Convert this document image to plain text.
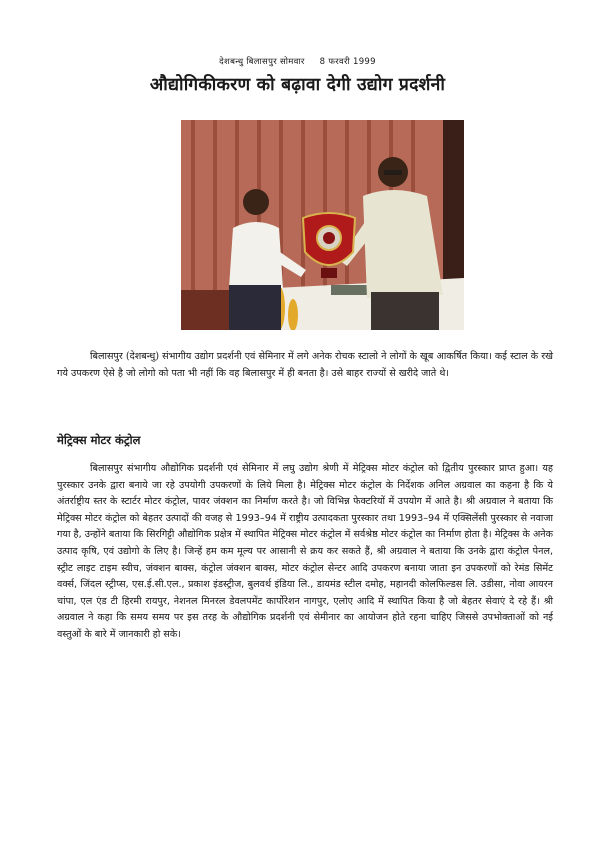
देशबन्धु बिलासपुर सोमवार 8 फरवरी 1999
औद्योगिकीकरण को बढ़ावा देगी उद्योग प्रदर्शनी

बिलासपुर (देशबन्धु) संभागीय उद्योग प्रदर्शनी एवं सेमिनार में लगे अनेक रोचक स्टालो ने लोगों के खूब आकर्षित किया। कई स्टाल के रखे गये उपकरण ऐसे है जो लोगो को पता भी नहीं कि वह बिलासपुर में ही बनता है। उसे बाहर राज्यों से खरीदे जाते थे।

मेट्रिक्स मोटर कंट्रोल

बिलासपुर संभागीय औद्योगिक प्रदर्शनी एवं सेमिनार में लघु उद्योग श्रेणी में मेट्रिक्स मोटर कंट्रोल को द्वितीय पुरस्कार प्राप्त हुआ। यह पुरस्कार उनके द्वारा बनाये जा रहे उपयोगी उपकरणों के लिये मिला है। मेट्रिक्स मोटर कंट्रोल के निर्देशक अनिल अग्रवाल का कहना है कि ये अंतर्राष्ट्रीय स्तर के स्टार्टर मोटर कंट्रोल, पावर जंक्शन का निर्माण करते है। जो विभिन्न फेक्टरियों में उपयोग में आते है। श्री अग्रवाल ने बताया कि मेट्रिक्स मोटर कंट्रोल को बेहतर उत्पादों की वजह से 1993–94 में राष्ट्रीय उत्पादकता पुरस्कार तथा 1993–94 में एक्सिलेंसी पुरस्कार से नवाजा गया है, उन्होंने बताया कि सिरगिट्टी औद्योगिक प्रक्षेत्र में स्थापित मेट्रिक्स मोटर कंट्रोल में सर्वश्रेष्ठ मोटर कंट्रोल का निर्माण होता है। मेट्रिक्स के अनेक उत्पाद कृषि, एवं उद्योगो के लिए है। जिन्हें हम कम मूल्य पर आसानी से क्रय कर सकते हैं, श्री अग्रवाल ने बताया कि उनके द्वारा कंट्रोल पेनल, स्ट्रीट लाइट टाइम स्वीच, जंक्शन बाक्स, कंट्रोल जंक्शन बाक्स, मोटर कंट्रोल सेन्टर आदि उपकरण बनाया जाता इन उपकरणों को रेमंड सिमेंट वर्क्स, जिंदल स्ट्रीप्स, एस.ई.सी.एल., प्रकाश इंडस्ट्रीज, बुलवर्थ इंडिया लि., डायमंड स्टील दमोह, महानदी कोलफिल्डस लि. उडीसा, नोवा आयरन चांपा, एल एंड टी हिरमी रायपुर, नेशनल मिनरल डेवलपमेंट कार्पोरेशन नागपुर, एलोए आदि में स्थापित किया है जो बेहतर सेवाएं दे रहे हैं। श्री अग्रवाल ने कहा कि समय समय पर इस तरह के औद्योगिक प्रदर्शनी एवं सेमीनार का आयोजन होते रहना चाहिए जिससे उपभोक्ताओं को नई वस्तुओं के बारे में जानकारी हो सके।
